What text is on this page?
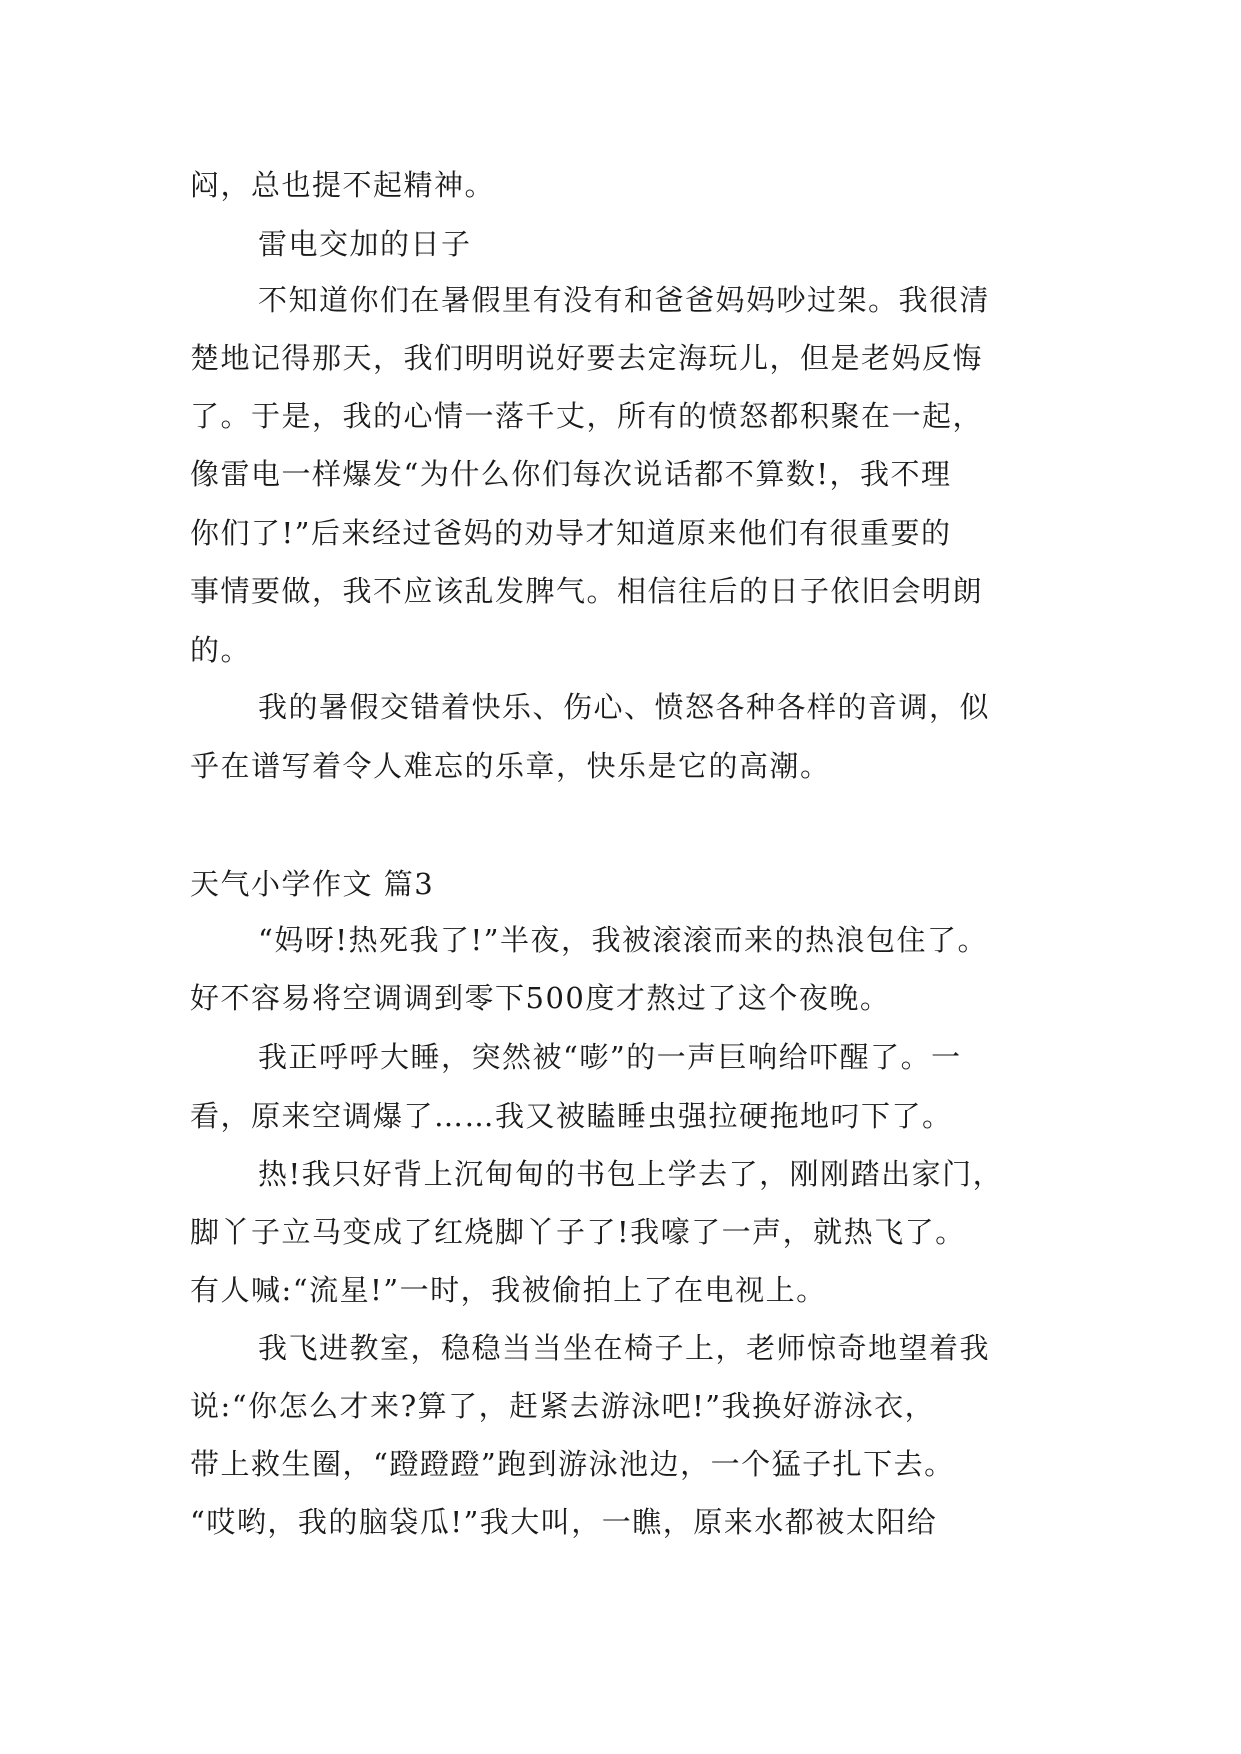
闷，总也提不起精神。
雷电交加的日子
不知道你们在暑假里有没有和爸爸妈妈吵过架。我很清
楚地记得那天，我们明明说好要去定海玩儿，但是老妈反悔
了。于是，我的心情一落千丈，所有的愤怒都积聚在一起，
像雷电一样爆发“为什么你们每次说话都不算数!，我不理
你们了!”后来经过爸妈的劝导才知道原来他们有很重要的
事情要做，我不应该乱发脾气。相信往后的日子依旧会明朗
的。
我的暑假交错着快乐、伤心、愤怒各种各样的音调，似
乎在谱写着令人难忘的乐章，快乐是它的高潮。
天气小学作文 篇3
“妈呀!热死我了!”半夜，我被滚滚而来的热浪包住了。
好不容易将空调调到零下500度才熬过了这个夜晚。
我正呼呼大睡，突然被“嘭”的一声巨响给吓醒了。一
看，原来空调爆了……我又被瞌睡虫强拉硬拖地叼下了。
热!我只好背上沉甸甸的书包上学去了，刚刚踏出家门，
脚丫子立马变成了红烧脚丫子了!我嚎了一声，就热飞了。
有人喊:“流星!”一时，我被偷拍上了在电视上。
我飞进教室，稳稳当当坐在椅子上，老师惊奇地望着我
说:“你怎么才来?算了，赶紧去游泳吧!”我换好游泳衣，
带上救生圈，“蹬蹬蹬”跑到游泳池边，一个猛子扎下去。
“哎哟，我的脑袋瓜!”我大叫，一瞧，原来水都被太阳给
